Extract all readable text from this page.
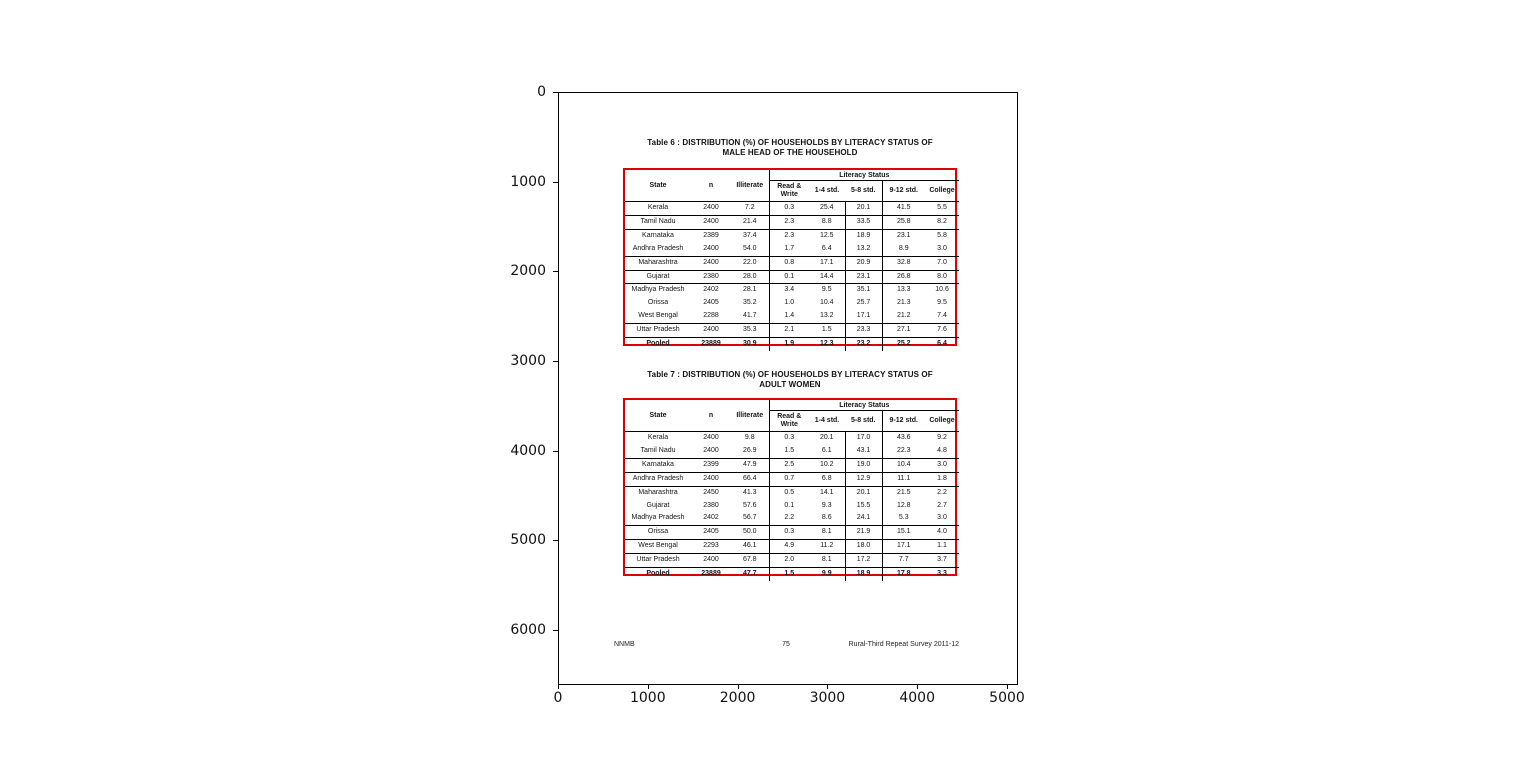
Table 6 : DISTRIBUTION (%) OF HOUSEHOLDS BY LITERACY STATUS OF
MALE HEAD OF THE HOUSEHOLD
State	n	Illiterate	Literacy Status				
			Read &
Write	1-4 std.	5-8 std.	9-12 std.	College
Kerala	2400	7.2	0.3	25.4	20.1	41.5	5.5
Tamil Nadu	2400	21.4	2.3	8.8	33.5	25.8	8.2
Karnataka	2389	37.4	2.3	12.5	18.9	23.1	5.8
Andhra Pradesh	2400	54.0	1.7	6.4	13.2	8.9	3.0
Maharashtra	2400	22.0	0.8	17.1	20.9	32.8	7.0
Gujarat	2380	28.0	0.1	14.4	23.1	26.8	8.0
Madhya Pradesh	2402	28.1	3.4	9.5	35.1	13.3	10.6
Orissa	2405	35.2	1.0	10.4	25.7	21.3	9.5
West Bengal	2288	41.7	1.4	13.2	17.1	21.2	7.4
Uttar Pradesh	2400	35.3	2.1	1.5	23.3	27.1	7.6
Pooled	23889	30.9	1.9	12.3	23.2	25.2	6.4
Table 7 : DISTRIBUTION (%) OF HOUSEHOLDS BY LITERACY STATUS OF
ADULT WOMEN
State	n	Illiterate	Literacy Status				
			Read &
Write	1-4 std.	5-8 std.	9-12 std.	College
Kerala	2400	9.8	0.3	20.1	17.0	43.6	9.2
Tamil Nadu	2400	26.9	1.5	6.1	43.1	22.3	4.8
Karnataka	2399	47.9	2.5	10.2	19.0	10.4	3.0
Andhra Pradesh	2400	66.4	0.7	6.8	12.9	11.1	1.8
Maharashtra	2450	41.3	0.5	14.1	20.1	21.5	2.2
Gujarat	2380	57.6	0.1	9.3	15.5	12.8	2.7
Madhya Pradesh	2402	56.7	2.2	8.6	24.1	5.3	3.0
Orissa	2405	50.0	0.3	8.1	21.9	15.1	4.0
West Bengal	2293	46.1	4.9	11.2	18.0	17.1	1.1
Uttar Pradesh	2400	67.8	2.0	8.1	17.2	7.7	3.7
Pooled	23889	47.7	1.5	9.9	18.9	17.8	3.3
NNMB	75	Rural-Third Repeat Survey 2011-12
0
1000
2000
3000
4000
5000
6000
0	1000	2000	3000	4000	5000
